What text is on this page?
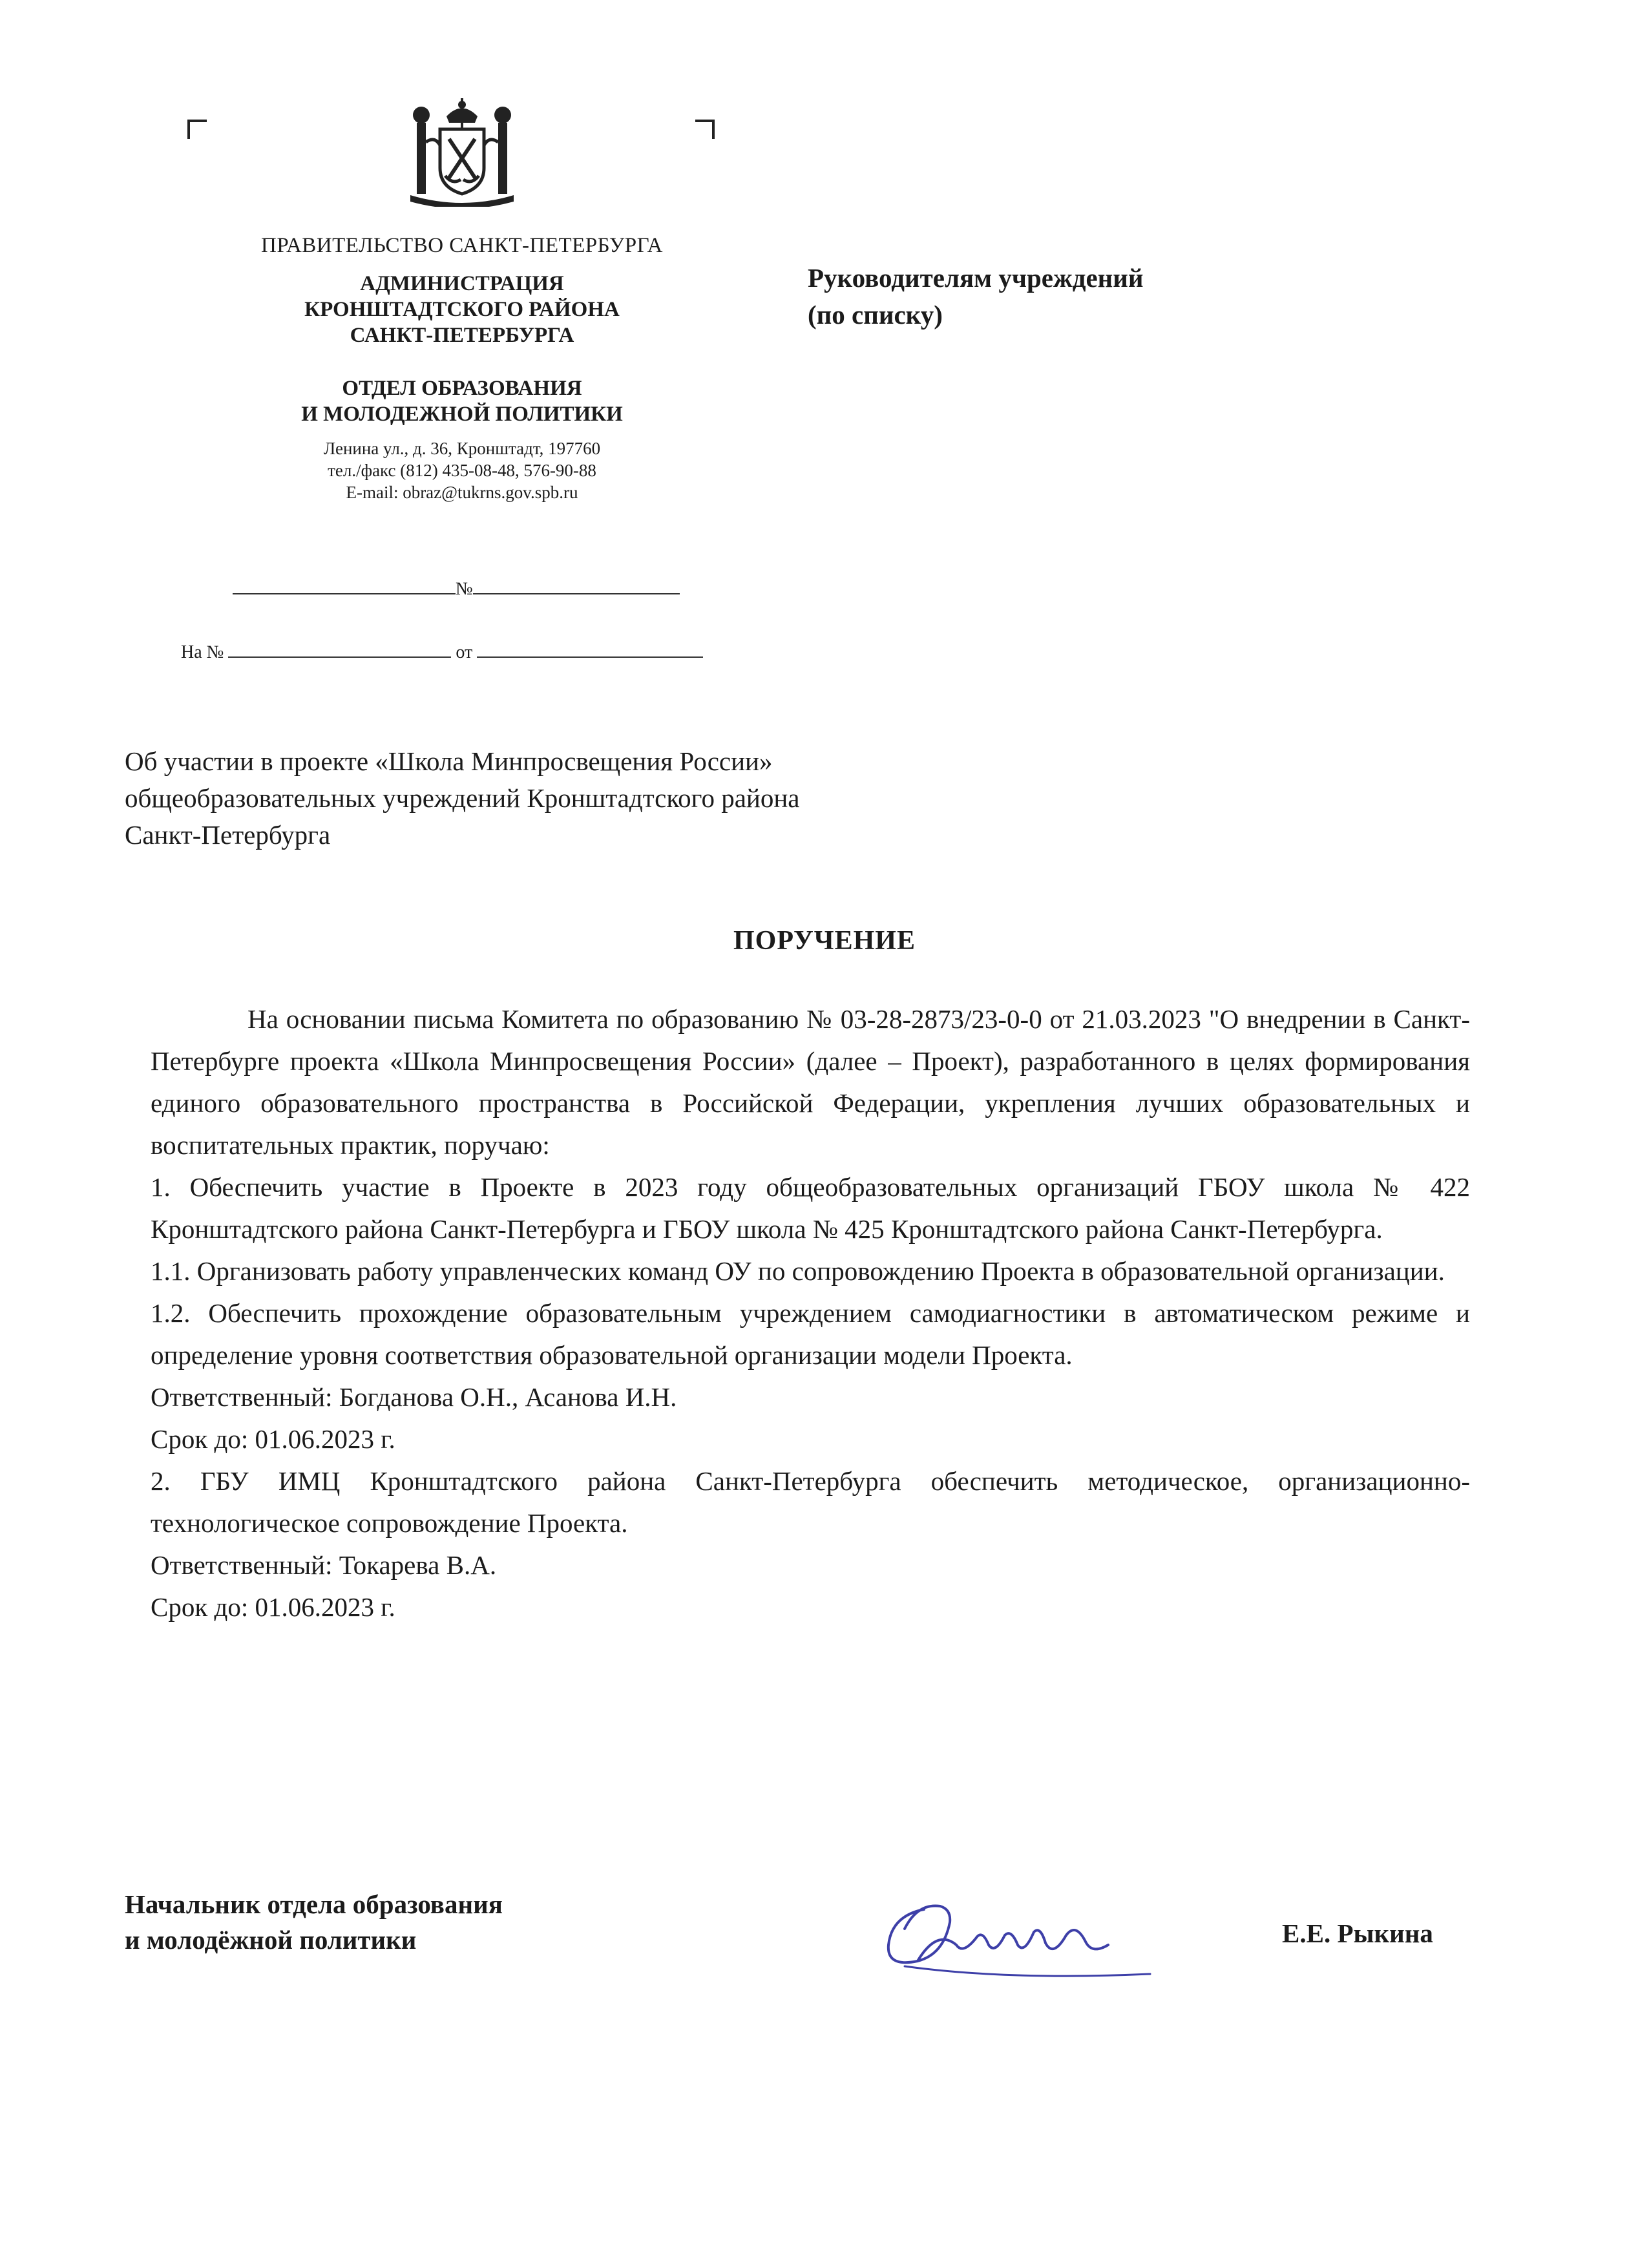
ПРАВИТЕЛЬСТВО САНКТ-ПЕТЕРБУРГА
АДМИНИСТРАЦИЯ
КРОНШТАДТСКОГО РАЙОНА
САНКТ-ПЕТЕРБУРГА
ОТДЕЛ ОБРАЗОВАНИЯ
И МОЛОДЕЖНОЙ ПОЛИТИКИ
Ленина ул., д. 36, Кронштадт, 197760
тел./факс (812) 435-08-48, 576-90-88
E-mail: obraz@tukrns.gov.spb.ru
№
На №	от
Руководителям учреждений
(по списку)
Об участии в проекте «Школа Минпросвещения России»
общеобразовательных учреждений Кронштадтского района
Санкт-Петербурга
ПОРУЧЕНИЕ

На основании письма Комитета по образованию № 03-28-2873/23-0-0 от 21.03.2023 "О внедрении в Санкт-Петербурге проекта «Школа Минпросвещения России» (далее – Проект), разработанного в целях формирования единого образовательного пространства в Российской Федерации, укрепления лучших образовательных и воспитательных практик, поручаю:

1. Обеспечить участие в Проекте в 2023 году общеобразовательных организаций ГБОУ школа № 422 Кронштадтского района Санкт-Петербурга и ГБОУ школа № 425 Кронштадтского района Санкт-Петербурга.

1.1. Организовать работу управленческих команд ОУ по сопровождению Проекта в образовательной организации.

1.2. Обеспечить прохождение образовательным учреждением самодиагностики в автоматическом режиме и определение уровня соответствия образовательной организации модели Проекта.

Ответственный: Богданова О.Н., Асанова И.Н.

Срок до: 01.06.2023 г.

2. ГБУ ИМЦ Кронштадтского района Санкт-Петербурга обеспечить методическое, организационно-технологическое сопровождение Проекта.

Ответственный: Токарева В.А.

Срок до: 01.06.2023 г.

Начальник отдела образования
и молодёжной политики	Е.Е. Рыкина
